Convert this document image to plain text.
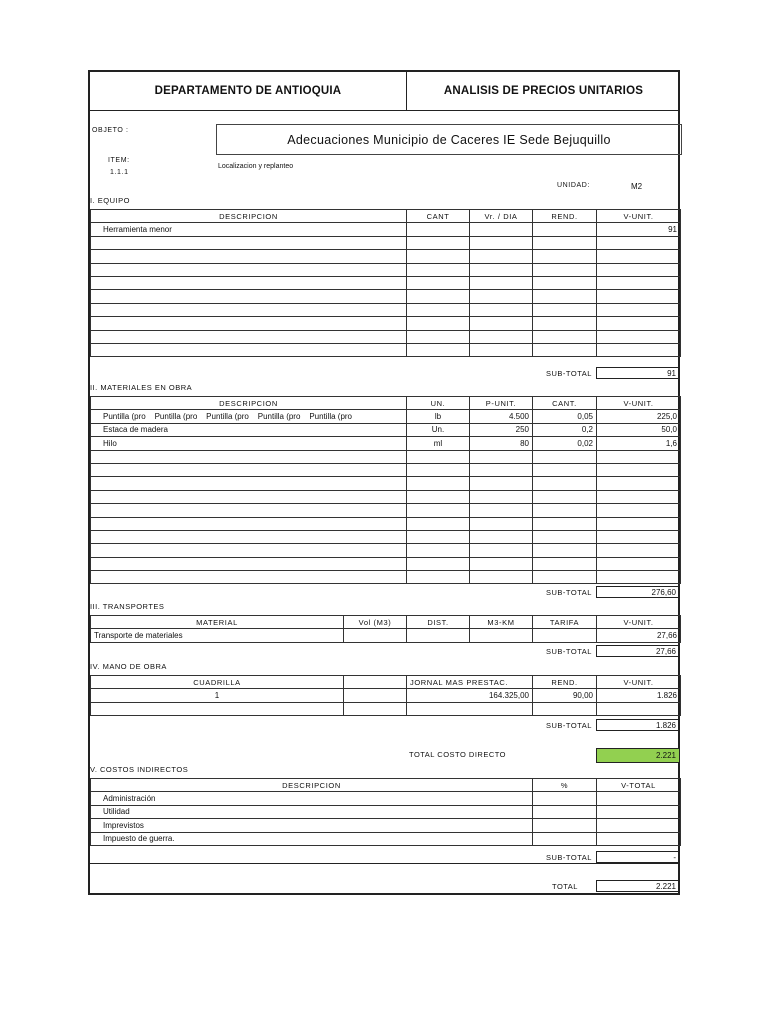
DEPARTAMENTO DE ANTIOQUIA	ANALISIS DE PRECIOS UNITARIOS
OBJETO :
Adecuaciones Municipio de Caceres IE Sede Bejuquillo
ITEM:
1.1.1
Localizacion y replanteo
UNIDAD:	M2
I. EQUIPO
DESCRIPCION	CANT	Vr. / DIA	REND.	V-UNIT.
Herramienta menor				91

SUB-TOTAL	91
II. MATERIALES EN OBRA
DESCRIPCION	UN.	P-UNIT.	CANT.	V-UNIT.
Puntilla (pro    Puntilla (pro    Puntilla (pro    Puntilla (pro    Puntilla (pro	lb	4.500	0,05	225,0
Estaca de madera	Un.	250	0,2	50,0
Hilo	ml	80	0,02	1,6

SUB-TOTAL	276,60
III. TRANSPORTES
MATERIAL	Vol (M3)	DIST.	M3-KM	TARIFA	V-UNIT.
Transporte de materiales					27,66
SUB-TOTAL	27,66
IV. MANO DE OBRA
CUADRILLA		JORNAL MAS PRESTAC.	REND.	V-UNIT.
1		164.325,00	90,00	1.826

SUB-TOTAL	1.826
TOTAL COSTO DIRECTO	2.221
V. COSTOS INDIRECTOS
DESCRIPCION	%	V-TOTAL
Administración		
Utilidad		
Imprevistos		
Impuesto de guerra.		
SUB-TOTAL	-
TOTAL	2.221
